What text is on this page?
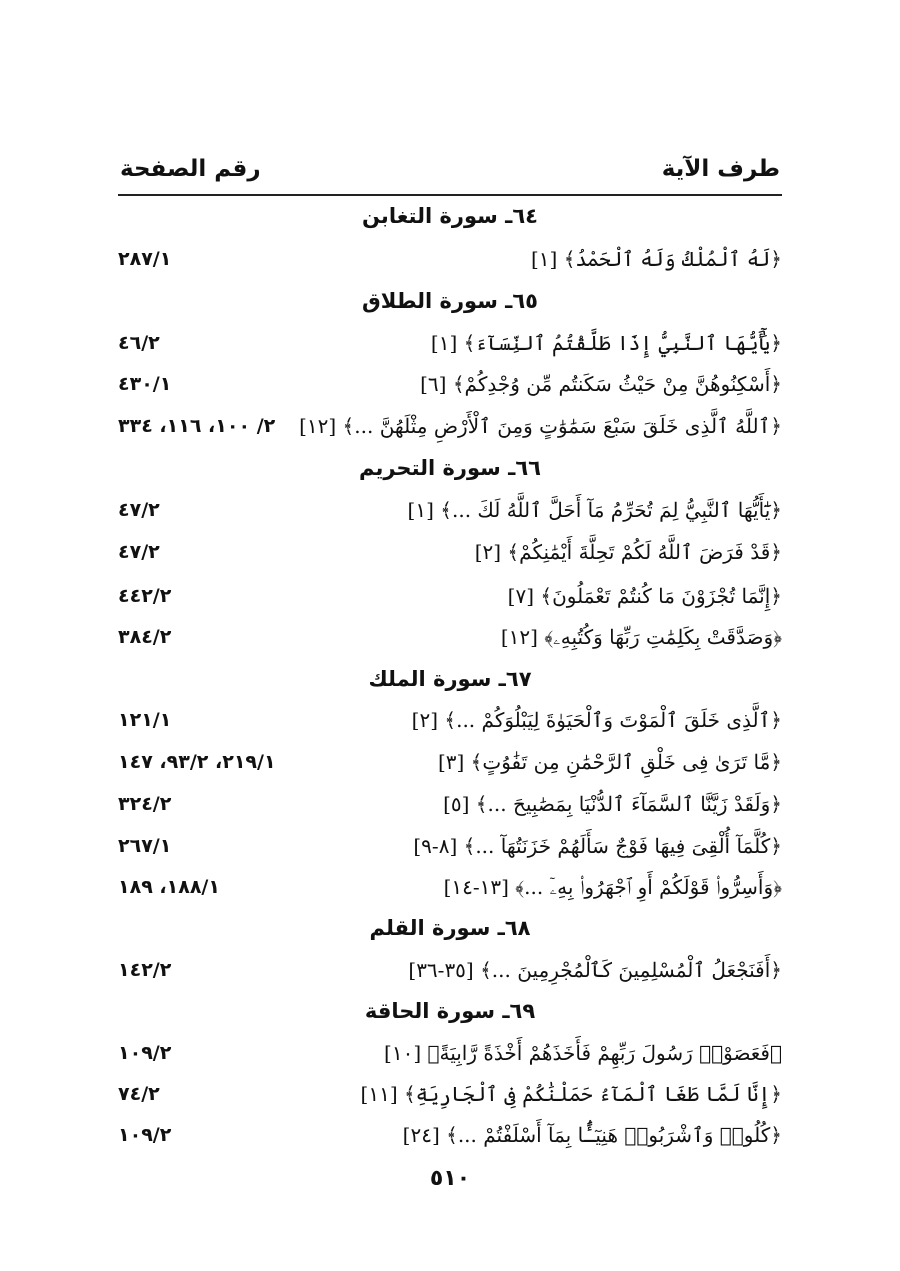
طرف الآية
رقم الصفحة
٦٤ـ سورة التغابن
﴿لَهُ ٱلْمُلْكُ وَلَهُ ٱلْحَمْدُ﴾ [١]
٢٨٧/١
٦٥ـ سورة الطلاق
﴿يَٰٓأَيُّهَا ٱلنَّبِيُّ إِذَا طَلَّقْتُمُ ٱلنِّسَآءَ﴾ [١]
٤٦/٢
﴿أَسْكِنُوهُنَّ مِنْ حَيْثُ سَكَنتُم مِّن وُجْدِكُمْ﴾ [٦]
٤٣٠/١
﴿ٱللَّهُ ٱلَّذِى خَلَقَ سَبْعَ سَمَٰوَٰتٍ وَمِنَ ٱلْأَرْضِ مِثْلَهُنَّ ...﴾ [١٢]
٢/ ١٠٠، ١١٦، ٣٣٤
٦٦ـ سورة التحريم
﴿يَٰٓأَيُّهَا ٱلنَّبِيُّ لِمَ تُحَرِّمُ مَآ أَحَلَّ ٱللَّهُ لَكَ ...﴾ [١]
٤٧/٢
﴿قَدْ فَرَضَ ٱللَّهُ لَكُمْ تَحِلَّةَ أَيْمَٰنِكُمْ﴾ [٢]
٤٧/٢
﴿إِنَّمَا تُجْزَوْنَ مَا كُنتُمْ تَعْمَلُونَ﴾ [٧]
٤٤٢/٢
﴿وَصَدَّقَتْ بِكَلِمَٰتِ رَبِّهَا وَكُتُبِهِۦ﴾ [١٢]
٣٨٤/٢
٦٧ـ سورة الملك
﴿ٱلَّذِى خَلَقَ ٱلْمَوْتَ وَٱلْحَيَوٰةَ لِيَبْلُوَكُمْ ...﴾ [٢]
١٢١/١
﴿مَّا تَرَىٰ فِى خَلْقِ ٱلرَّحْمَٰنِ مِن تَفَٰوُتٍ﴾ [٣]
٢١٩/١، ٩٣/٢، ١٤٧
﴿وَلَقَدْ زَيَّنَّا ٱلسَّمَآءَ ٱلدُّنْيَا بِمَصَٰبِيحَ ...﴾ [٥]
٣٢٤/٢
﴿كُلَّمَآ أُلْقِىَ فِيهَا فَوْجٌ سَأَلَهُمْ خَزَنَتُهَآ ...﴾ [٨-٩]
٢٦٧/١
﴿وَأَسِرُّوا۟ قَوْلَكُمْ أَوِ ٱجْهَرُوا۟ بِهِۦٓ ...﴾ [١٣-١٤]
١٨٨/١، ١٨٩
٦٨ـ سورة القلم
﴿أَفَنَجْعَلُ ٱلْمُسْلِمِينَ كَٱلْمُجْرِمِينَ ...﴾ [٣٥-٣٦]
١٤٢/٢
٦٩ـ سورة الحاقة
﴿فَعَصَوْا۟ رَسُولَ رَبِّهِمْ فَأَخَذَهُمْ أَخْذَةً رَّابِيَةً﴾ [١٠]
١٠٩/٢
﴿إِنَّا لَمَّا طَغَا ٱلْمَآءُ حَمَلْنَٰكُمْ فِى ٱلْجَارِيَةِ﴾ [١١]
٧٤/٢
﴿كُلُوا۟ وَٱشْرَبُوا۟ هَنِيٓـًٔۢا بِمَآ أَسْلَفْتُمْ ...﴾ [٢٤]
١٠٩/٢
٥١٠
